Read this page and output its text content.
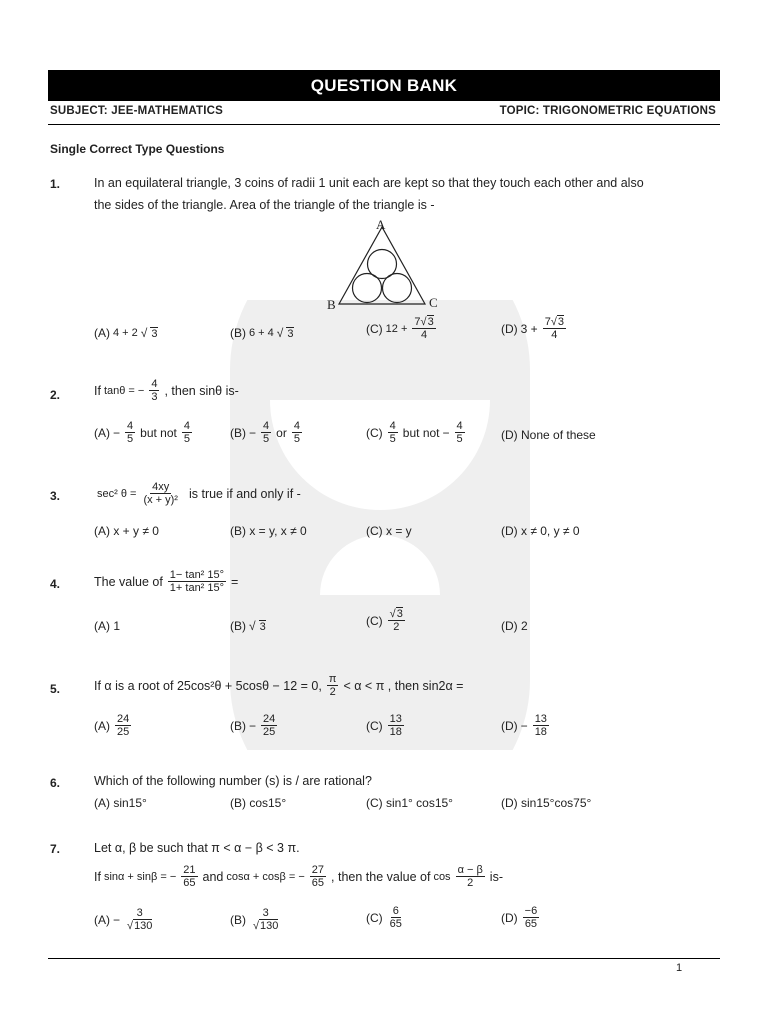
QUESTION BANK
SUBJECT: JEE-MATHEMATICS	TOPIC: TRIGONOMETRIC EQUATIONS
Single Correct Type Questions
1.	In an equilateral triangle, 3 coins of radii 1 unit each are kept so that they touch each other and also
the sides of the triangle. Area of the triangle of the triangle is -
A
B	C
(A) 4 + 2 √ 3	(B) 6 + 4 √ 3	(C) $12 + \frac{7√3}{4}$	(D) $3 + \frac{7√3}{4}$
2.	If tanθ = − $\frac{4}{3}$ , then sinθ is-
$(A) - \frac{4}{5}$ but not $\frac{4}{5}$	$(B) - \frac{4}{5}$ or $\frac{4}{5}$	$(C) \frac{4}{5}$ but not − $\frac{4}{5}$	(D) None of these
3.	sec² $\theta = \frac{4xy}{\text{(x + y)²}}$ is true if and only if -
(A) x + y ≠ 0	(B) x = y, x ≠ 0	(C) x = y	(D) x ≠ 0, y ≠ 0
4.	The value of $\frac{\text{1− tan² 15°}}{\text{1+ tan² 15°}}$ =
(A) 1	(B) √ 3	$(C) \frac{√3}{2}$	(D) 2
5.	If α is a root of 25cos²θ + 5cosθ − 12 = 0, $\frac{\pi}{2} < \alpha < \pi$ , then sin2α =
$(A) \frac{24}{25}$	$(B) - \frac{24}{25}$	$(C) \frac{13}{18}$	$(D) - \frac{13}{18}$
6.	Which of the following number (s) is / are rational?
(A) sin15°	(B) cos15°	(C) sin1° cos15°	(D) sin15°cos75°
7.	Let α, β be such that π < α − β < 3 π.
If sinα + sinβ = − $\frac{21}{65}$ and cosα + cosβ = − $\frac{27}{65}$ , then the value of $\cos \frac{\alpha - \beta}{2} is-$
$(A) - \frac{3}{√130}$	$(B) \frac{3}{√130}$	$(C) \frac{6}{65}$	$(D) \frac{-6}{65}$
1
